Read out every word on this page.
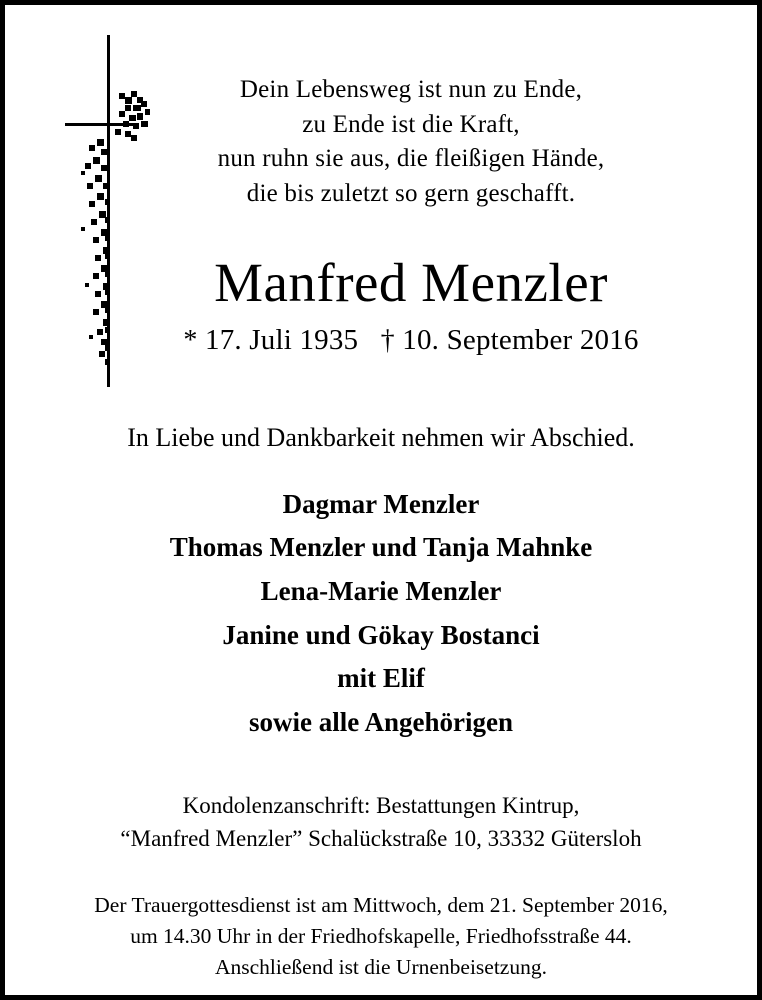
Dein Lebensweg ist nun zu Ende,
zu Ende ist die Kraft,
nun ruhn sie aus, die fleißigen Hände,
die bis zuletzt so gern geschafft.
Manfred Menzler
* 17. Juli 1935 † 10. September 2016
In Liebe und Dankbarkeit nehmen wir Abschied.
Dagmar Menzler
Thomas Menzler und Tanja Mahnke
Lena-Marie Menzler
Janine und Gökay Bostanci
mit Elif
sowie alle Angehörigen
Kondolenzanschrift: Bestattungen Kintrup,
“Manfred Menzler” Schalückstraße 10, 33332 Gütersloh
Der Trauergottesdienst ist am Mittwoch, dem 21. September 2016,
um 14.30 Uhr in der Friedhofskapelle, Friedhofsstraße 44.
Anschließend ist die Urnenbeisetzung.
